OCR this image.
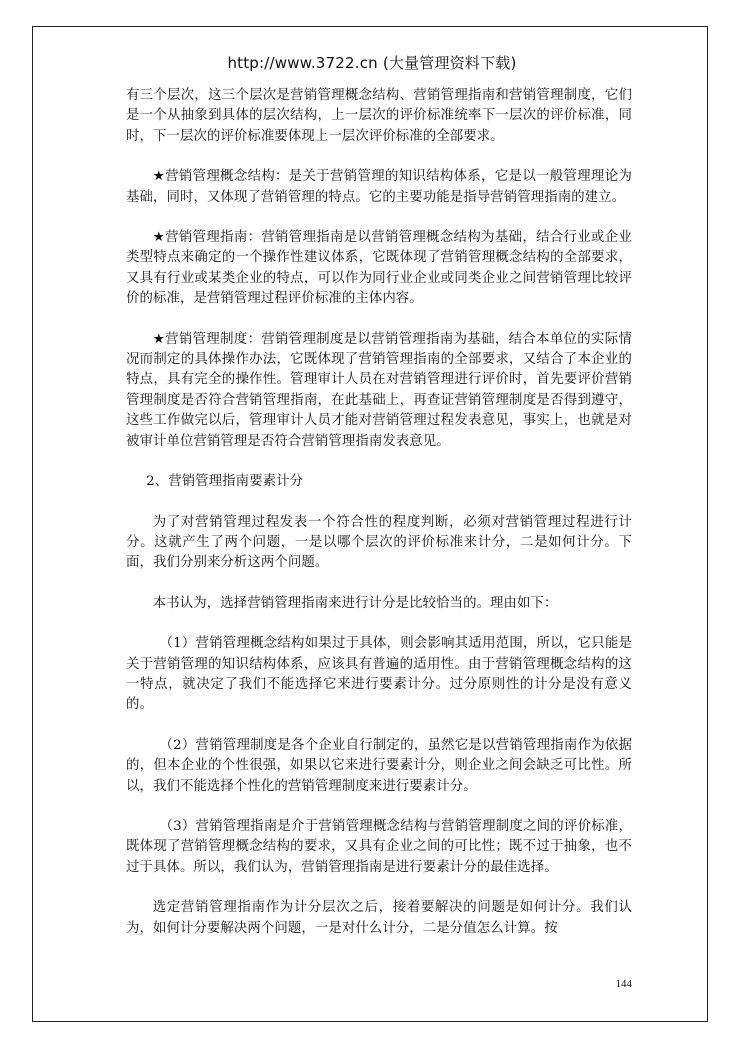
http://www.3722.cn (大量管理资料下载)

有三个层次，这三个层次是营销管理概念结构、营销管理指南和营销管理制度，它们是一个从抽象到具体的层次结构，上一层次的评价标准统率下一层次的评价标准，同时，下一层次的评价标准要体现上一层次评价标准的全部要求。

★营销管理概念结构：是关于营销管理的知识结构体系，它是以一般管理理论为基础，同时，又体现了营销管理的特点。它的主要功能是指导营销管理指南的建立。

★营销管理指南：营销管理指南是以营销管理概念结构为基础，结合行业或企业类型特点来确定的一个操作性建议体系，它既体现了营销管理概念结构的全部要求，又具有行业或某类企业的特点，可以作为同行业企业或同类企业之间营销管理比较评价的标准，是营销管理过程评价标准的主体内容。

★营销管理制度：营销管理制度是以营销管理指南为基础，结合本单位的实际情况而制定的具体操作办法，它既体现了营销管理指南的全部要求，又结合了本企业的特点，具有完全的操作性。管理审计人员在对营销管理进行评价时，首先要评价营销管理制度是否符合营销管理指南，在此基础上，再查证营销管理制度是否得到遵守，这些工作做完以后，管理审计人员才能对营销管理过程发表意见，事实上，也就是对被审计单位营销管理是否符合营销管理指南发表意见。

2、营销管理指南要素计分

为了对营销管理过程发表一个符合性的程度判断，必须对营销管理过程进行计分。这就产生了两个问题，一是以哪个层次的评价标准来计分，二是如何计分。下面，我们分别来分析这两个问题。

本书认为，选择营销管理指南来进行计分是比较恰当的。理由如下：

（1）营销管理概念结构如果过于具体，则会影响其适用范围，所以，它只能是关于营销管理的知识结构体系，应该具有普遍的适用性。由于营销管理概念结构的这一特点，就决定了我们不能选择它来进行要素计分。过分原则性的计分是没有意义的。

（2）营销管理制度是各个企业自行制定的，虽然它是以营销管理指南作为依据的，但本企业的个性很强，如果以它来进行要素计分，则企业之间会缺乏可比性。所以，我们不能选择个性化的营销管理制度来进行要素计分。

（3）营销管理指南是介于营销管理概念结构与营销管理制度之间的评价标准，既体现了营销管理概念结构的要求，又具有企业之间的可比性；既不过于抽象，也不过于具体。所以，我们认为，营销管理指南是进行要素计分的最佳选择。

选定营销管理指南作为计分层次之后，接着要解决的问题是如何计分。我们认为，如何计分要解决两个问题，一是对什么计分，二是分值怎么计算。按

144
